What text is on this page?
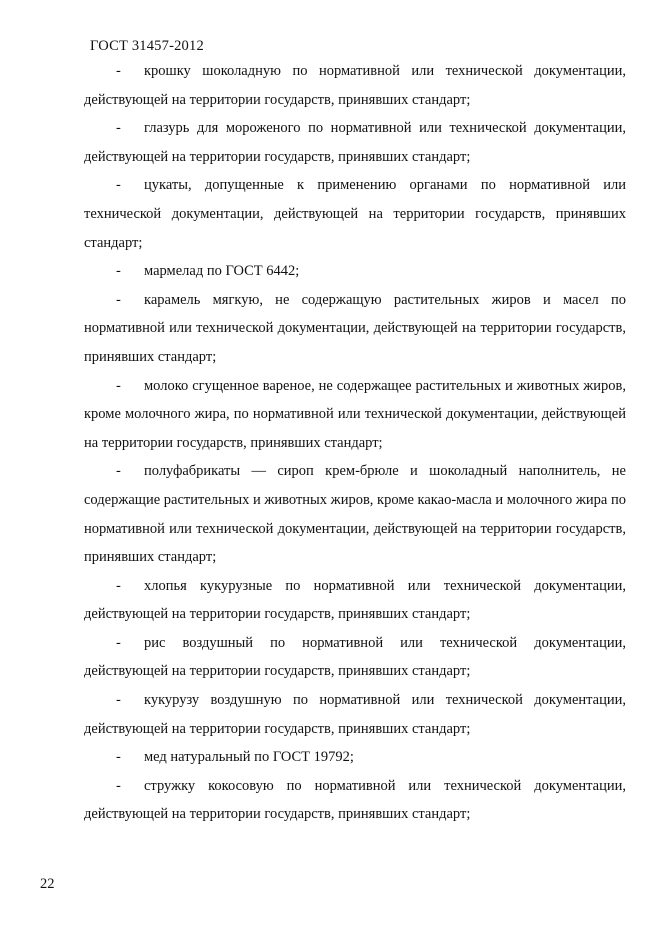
ГОСТ 31457-2012

- крошку шоколадную по нормативной или технической документации, действующей на территории государств, принявших стандарт;

- глазурь для мороженого по нормативной или технической документации, действующей на территории государств, принявших стандарт;

- цукаты, допущенные к применению органами по нормативной или технической документации, действующей на территории государств, принявших стандарт;

- мармелад по ГОСТ 6442;

- карамель мягкую, не содержащую растительных жиров и масел по нормативной или технической документации, действующей на территории государств, принявших стандарт;

- молоко сгущенное вареное, не содержащее растительных и животных жиров, кроме молочного жира, по нормативной или технической документации, действующей на территории государств, принявших стандарт;

- полуфабрикаты — сироп крем-брюле и шоколадный наполнитель, не содержащие растительных и животных жиров, кроме какао-масла и молочного жира по нормативной или технической документации, действующей на территории государств, принявших стандарт;

- хлопья кукурузные по нормативной или технической документации, действующей на территории государств, принявших стандарт;

- рис воздушный по нормативной или технической документации, действующей на территории государств, принявших стандарт;

- кукурузу воздушную по нормативной или технической документации, действующей на территории государств, принявших стандарт;

- мед натуральный по ГОСТ 19792;

- стружку кокосовую по нормативной или технической документации, действующей на территории государств, принявших стандарт;

22
